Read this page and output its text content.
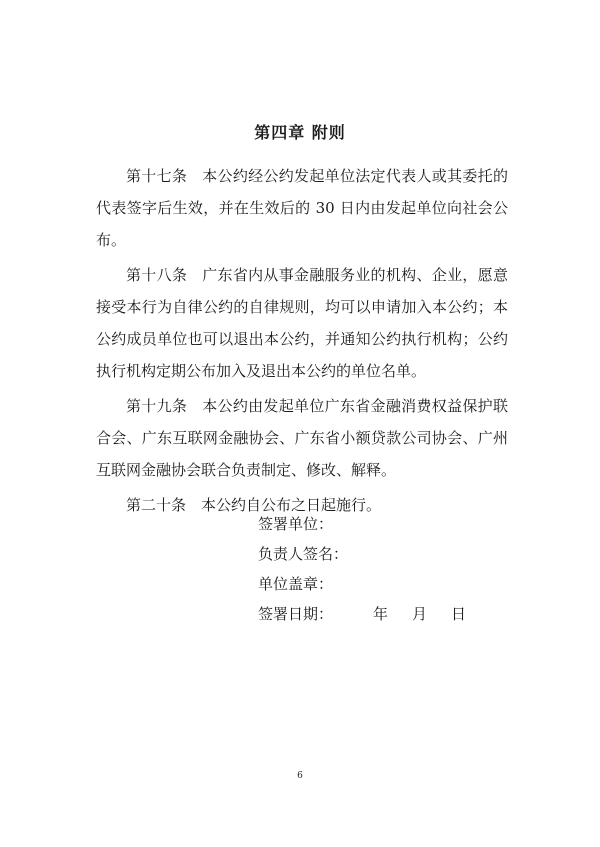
第四章 附则

第十七条 本公约经公约发起单位法定代表人或其委托的代表签字后生效，并在生效后的 30 日内由发起单位向社会公布。

第十八条 广东省内从事金融服务业的机构、企业，愿意接受本行为自律公约的自律规则，均可以申请加入本公约；本公约成员单位也可以退出本公约，并通知公约执行机构；公约执行机构定期公布加入及退出本公约的单位名单。

第十九条 本公约由发起单位广东省金融消费权益保护联合会、广东互联网金融协会、广东省小额贷款公司协会、广州互联网金融协会联合负责制定、修改、解释。

第二十条 本公约自公布之日起施行。

签署单位：
负责人签名：
单位盖章：
签署日期：	年 月 日
6
